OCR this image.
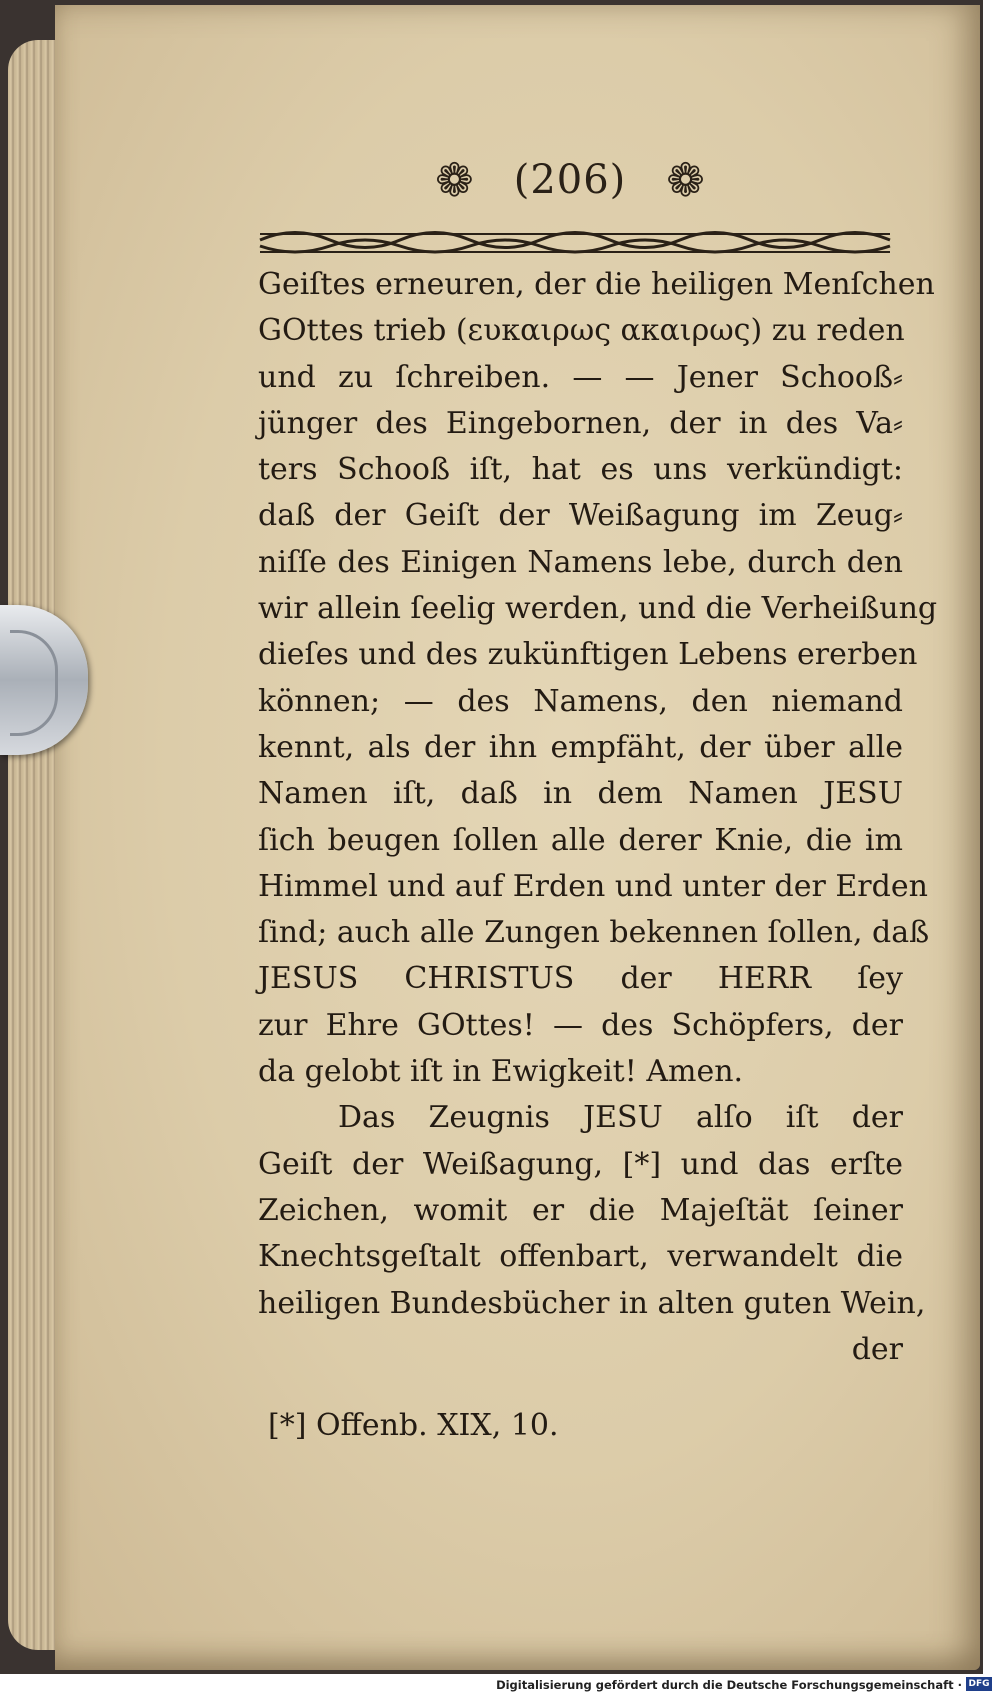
❁ (206) ❁
Geiſtes erneuren, der die heiligen Menſchen
GOttes trieb (ευκαιρως ακαιρως) zu reden
und zu ſchreiben. — — Jener Schooß⸗
jünger des Eingebornen, der in des Va⸗
ters Schooß iſt, hat es uns verkündigt:
daß der Geiſt der Weißagung im Zeug⸗
niſſe des Einigen Namens lebe, durch den
wir allein ſeelig werden, und die Verheißung
dieſes und des zukünftigen Lebens ererben
können; — des Namens, den niemand
kennt, als der ihn empfäht, der über alle
Namen iſt, daß in dem Namen JESU
ſich beugen ſollen alle derer Knie, die im
Himmel und auf Erden und unter der Erden
ſind; auch alle Zungen bekennen ſollen, daß
JESUS CHRISTUS der HERR ſey
zur Ehre GOttes! — des Schöpfers, der
da gelobt iſt in Ewigkeit! Amen.
Das Zeugnis JESU alſo iſt der
Geiſt der Weißagung, [*] und das erſte
Zeichen, womit er die Majeſtät ſeiner
Knechtsgeſtalt offenbart, verwandelt die
heiligen Bundesbücher in alten guten Wein,
der
[*] Offenb. XIX, 10.
Digitalisierung gefördert durch die Deutsche Forschungsgemeinschaft · DFG
